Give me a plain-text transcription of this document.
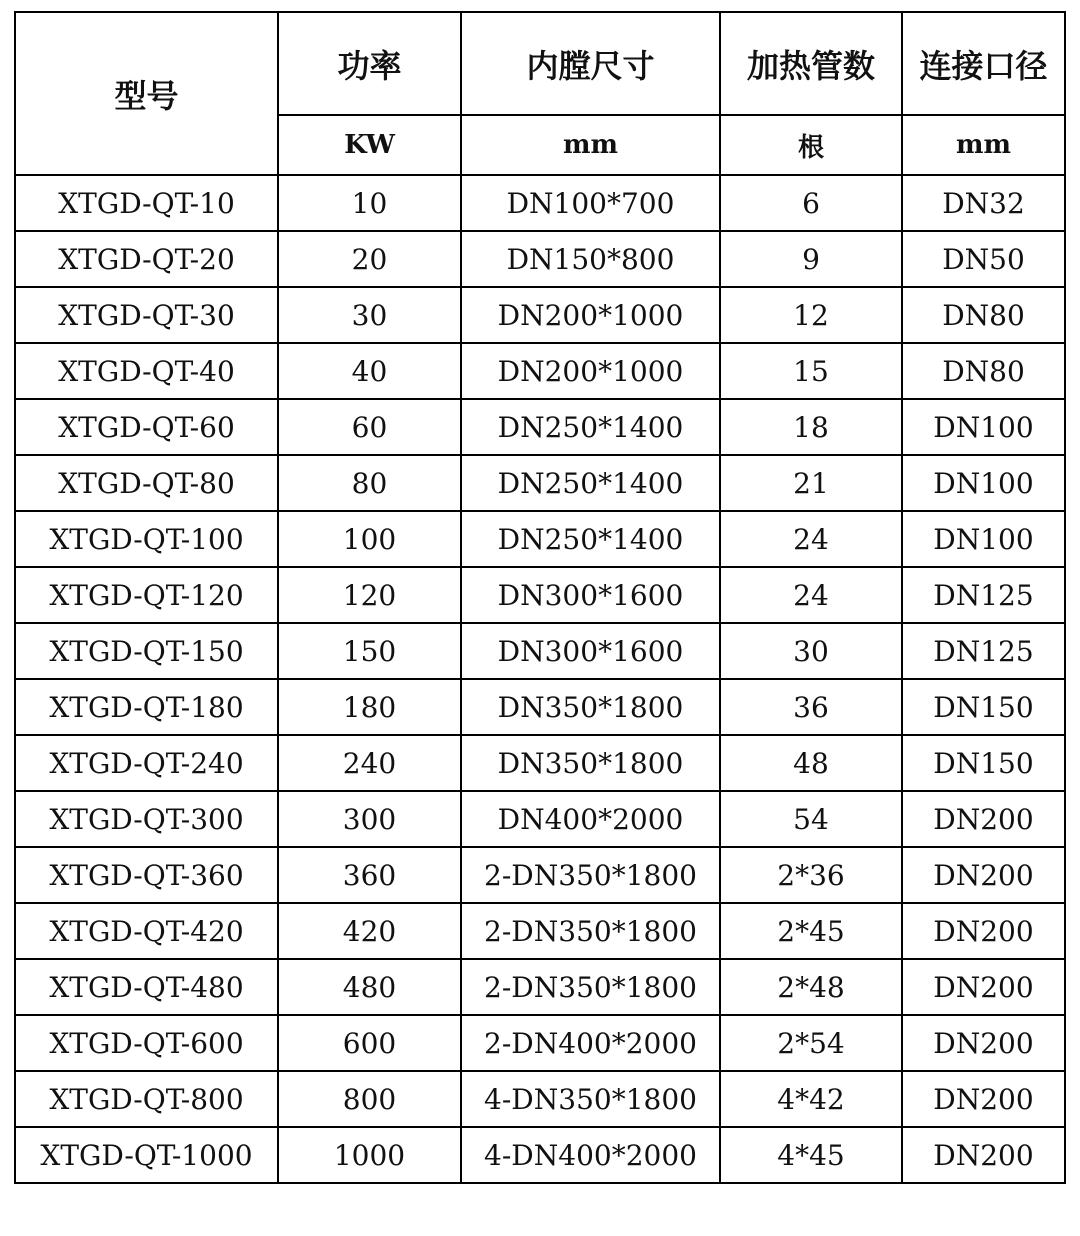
型号	功率	内膛尺寸	加热管数	连接口径
	KW	mm	根	mm
XTGD-QT-10	10	DN100*700	6	DN32
XTGD-QT-20	20	DN150*800	9	DN50
XTGD-QT-30	30	DN200*1000	12	DN80
XTGD-QT-40	40	DN200*1000	15	DN80
XTGD-QT-60	60	DN250*1400	18	DN100
XTGD-QT-80	80	DN250*1400	21	DN100
XTGD-QT-100	100	DN250*1400	24	DN100
XTGD-QT-120	120	DN300*1600	24	DN125
XTGD-QT-150	150	DN300*1600	30	DN125
XTGD-QT-180	180	DN350*1800	36	DN150
XTGD-QT-240	240	DN350*1800	48	DN150
XTGD-QT-300	300	DN400*2000	54	DN200
XTGD-QT-360	360	2-DN350*1800	2*36	DN200
XTGD-QT-420	420	2-DN350*1800	2*45	DN200
XTGD-QT-480	480	2-DN350*1800	2*48	DN200
XTGD-QT-600	600	2-DN400*2000	2*54	DN200
XTGD-QT-800	800	4-DN350*1800	4*42	DN200
XTGD-QT-1000	1000	4-DN400*2000	4*45	DN200
